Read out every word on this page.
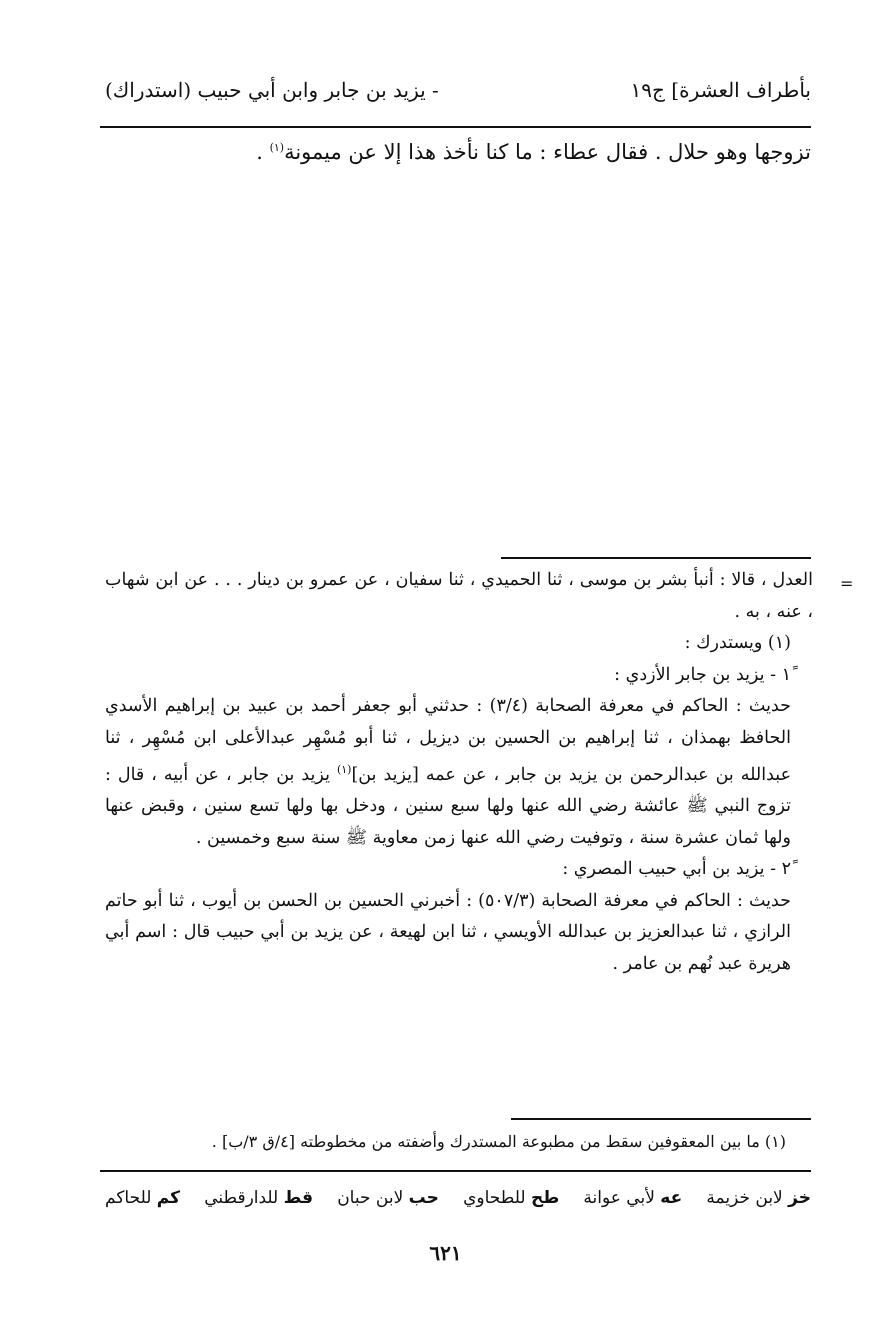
بأطراف العشرة] ج١٩
- يزيد بن جابر وابن أبي حبيب (استدراك)
تزوجها وهو حلال . فقال عطاء : ما كنا نأخذ هذا إلا عن ميمونة$^{(١)}$ .
=

العدل ، قالا : أنبأ بشر بن موسى ، ثنا الحميدي ، ثنا سفيان ، عن عمرو بن دينار . . . عن ابن شهاب ، عنه ، به .

(١) ويستدرك :

١ً - يزيد بن جابر الأزدي :

حديث : الحاكم في معرفة الصحابة (٣/٤) : حدثني أبو جعفر أحمد بن عبيد بن إبراهيم الأسدي الحافظ بهمذان ، ثنا إبراهيم بن الحسين بن ديزيل ، ثنا أبو مُسْهِر عبدالأعلى ابن مُسْهِر ، ثنا عبدالله بن عبدالرحمن بن يزيد بن جابر ، عن عمه [يزيد بن]$^{(١)}$ يزيد بن جابر ، عن أبيه ، قال : تزوج النبي ﷺ عائشة رضي الله عنها ولها سبع سنين ، ودخل بها ولها تسع سنين ، وقبض عنها ولها ثمان عشرة سنة ، وتوفيت رضي الله عنها زمن معاوية ﷺ سنة سبع وخمسين .

٢ً - يزيد بن أبي حبيب المصري :

حديث : الحاكم في معرفة الصحابة (٥٠٧/٣) : أخبرني الحسين بن الحسن بن أيوب ، ثنا أبو حاتم الرازي ، ثنا عبدالعزيز بن عبدالله الأويسي ، ثنا ابن لهيعة ، عن يزيد بن أبي حبيب قال : اسم أبي هريرة عبد نُهم بن عامر .

(١) ما بين المعقوفين سقط من مطبوعة المستدرك وأضفته من مخطوطته [٤/ق ٣/ب] .
خز لابن خزيمة
عه لأبي عوانة
طح للطحاوي
حب لابن حبان
قط للدارقطني
كم للحاكم
٦٢١
